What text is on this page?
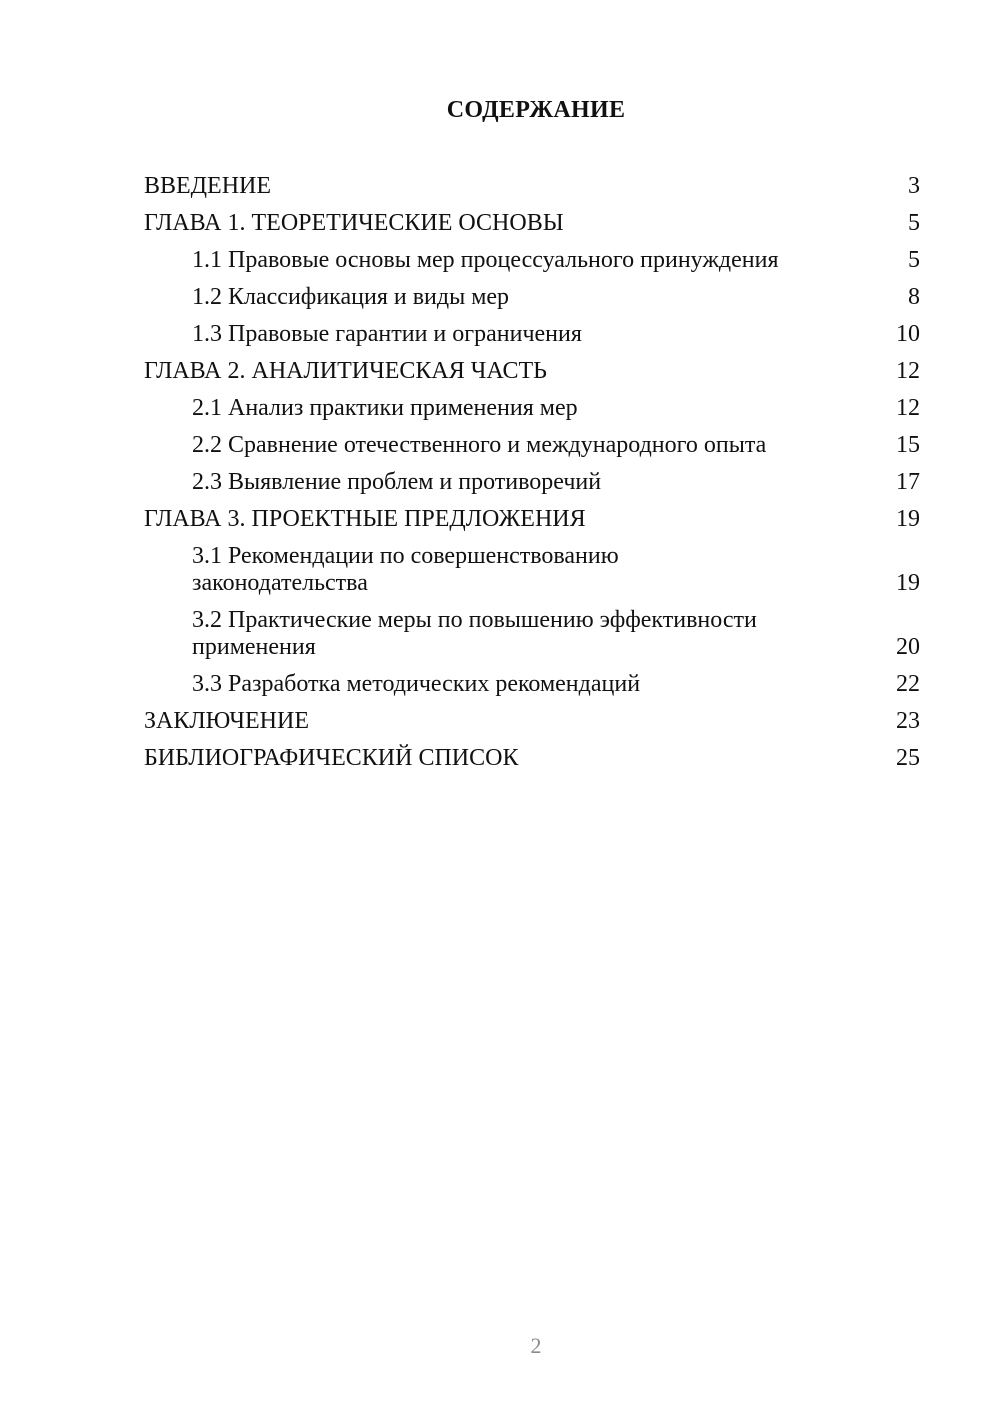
СОДЕРЖАНИЕ
ВВЕДЕНИЕ	3
ГЛАВА 1. ТЕОРЕТИЧЕСКИЕ ОСНОВЫ	5
1.1 Правовые основы мер процессуального принуждения	5
1.2 Классификация и виды мер	8
1.3 Правовые гарантии и ограничения	10
ГЛАВА 2. АНАЛИТИЧЕСКАЯ ЧАСТЬ	12
2.1 Анализ практики применения мер	12
2.2 Сравнение отечественного и международного опыта	15
2.3 Выявление проблем и противоречий	17
ГЛАВА 3. ПРОЕКТНЫЕ ПРЕДЛОЖЕНИЯ	19
3.1 Рекомендации по совершенствованию законодательства	19
3.2 Практические меры по повышению эффективности применения	20
3.3 Разработка методических рекомендаций	22
ЗАКЛЮЧЕНИЕ	23
БИБЛИОГРАФИЧЕСКИЙ СПИСОК	25
2
